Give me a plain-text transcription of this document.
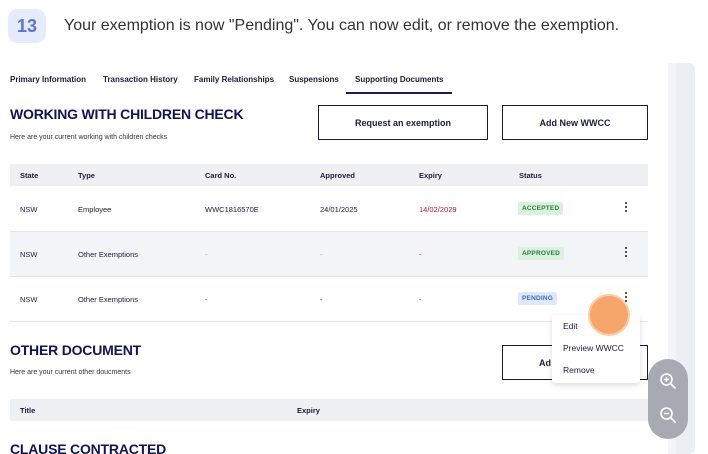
13	Your exemption is now "Pending". You can now edit, or remove the exemption.
Primary Information Transaction History Family Relationships Suspensions Supporting Documents
WORKING WITH CHILDREN CHECK
Here are your current working with children checks
Request an exemption	Add New WWCC
State	Type	Card No.	Approved	Expiry	Status
NSW	Employee	WWC1816570E	24/01/2025	14/02/2029	ACCEPTED
NSW	Other Exemptions	-	-	-	APPROVED
NSW	Other Exemptions	-	-	-	PENDING
OTHER DOCUMENT
Here are your current other doucments
Ad
Title	Expiry
CLAUSE CONTRACTED
Edit
Preview WWCC
Remove
